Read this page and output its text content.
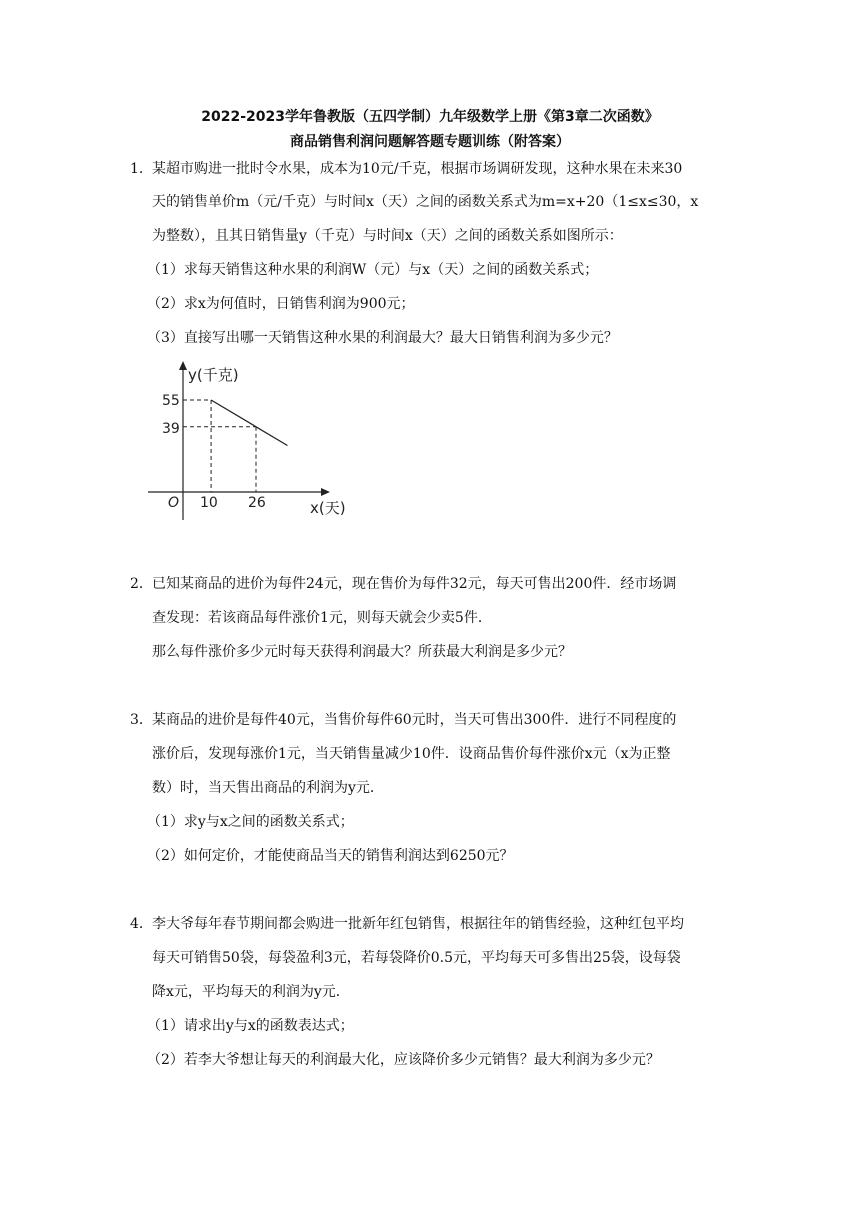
2022-2023学年鲁教版（五四学制）九年级数学上册《第3章二次函数》
商品销售利润问题解答题专题训练（附答案）
1． 某超市购进一批时令水果，成本为10元/千克，根据市场调研发现，这种水果在未来30
天的销售单价m（元/千克）与时间x（天）之间的函数关系式为m=x+20（1≤x≤30，x
为整数），且其日销售量y（千克）与时间x（天）之间的函数关系如图所示：
（1）求每天销售这种水果的利润W（元）与x（天）之间的函数关系式；
（2）求x为何值时，日销售利润为900元；
（3）直接写出哪一天销售这种水果的利润最大？最大日销售利润为多少元？
y(千克)
x(天)
O 10 26
55
39
2． 已知某商品的进价为每件24元，现在售价为每件32元，每天可售出200件．经市场调
查发现：若该商品每件涨价1元，则每天就会少卖5件．
那么每件涨价多少元时每天获得利润最大？所获最大利润是多少元？
3． 某商品的进价是每件40元，当售价每件60元时，当天可售出300件．进行不同程度的
涨价后，发现每涨价1元，当天销售量减少10件．设商品售价每件涨价x元（x为正整
数）时，当天售出商品的利润为y元．
（1）求y与x之间的函数关系式；
（2）如何定价，才能使商品当天的销售利润达到6250元？
4． 李大爷每年春节期间都会购进一批新年红包销售，根据往年的销售经验，这种红包平均
每天可销售50袋，每袋盈利3元，若每袋降价0.5元，平均每天可多售出25袋，设每袋
降x元，平均每天的利润为y元．
（1）请求出y与x的函数表达式；
（2）若李大爷想让每天的利润最大化，应该降价多少元销售？最大利润为多少元？
